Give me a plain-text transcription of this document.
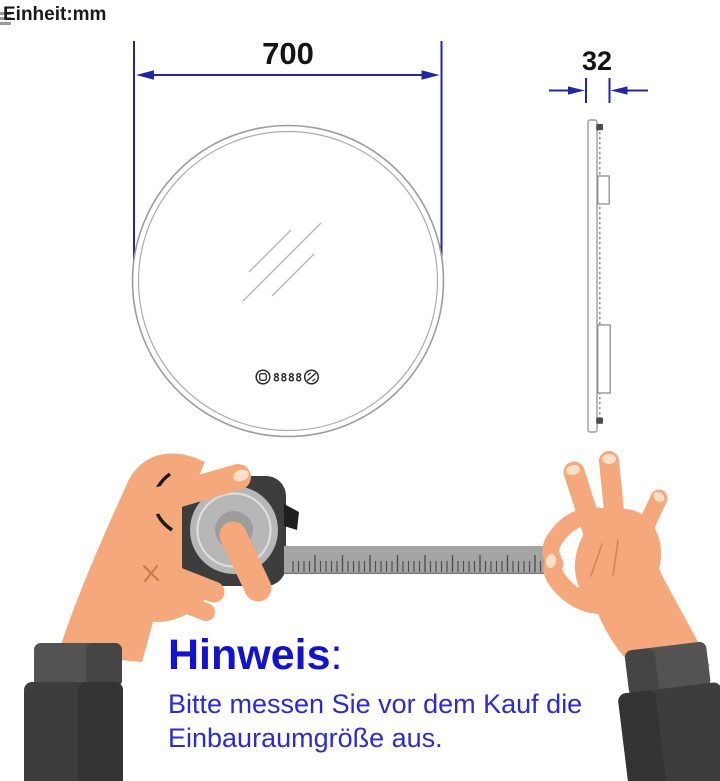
Einheit:mm
700
8888
32
Hinweis:
Bitte messen Sie vor dem Kauf die
Einbauraumgröße aus.
